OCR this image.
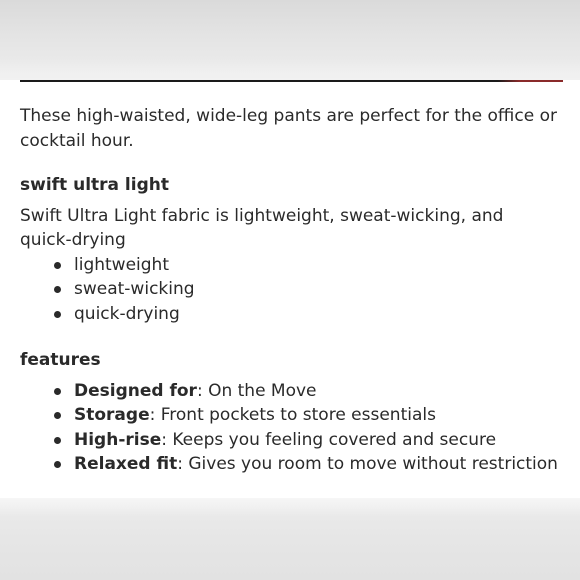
These high-waisted, wide-leg pants are perfect for the office or cocktail hour.

swift ultra light

Swift Ultra Light fabric is lightweight, sweat-wicking, and quick-drying

lightweight
sweat-wicking
quick-drying

features

Designed for: On the Move
Storage: Front pockets to store essentials
High-rise: Keeps you feeling covered and secure
Relaxed fit: Gives you room to move without restriction
